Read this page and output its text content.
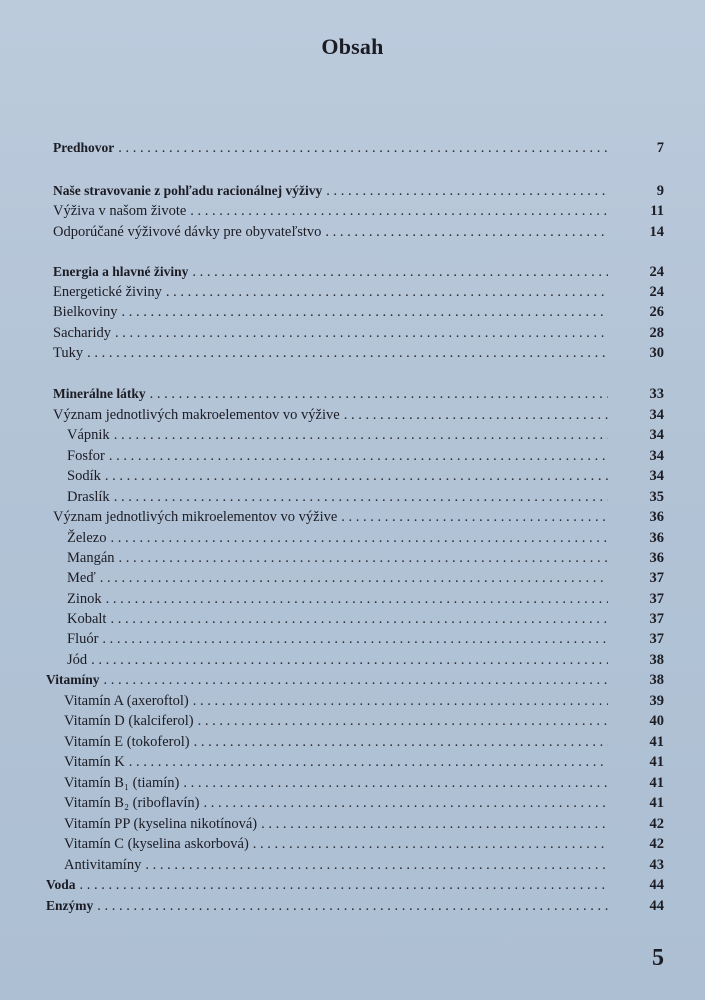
Obsah
Predhovor . . .	7
Naše stravovanie z pohľadu racionálnej výživy . . .	9
Výživa v našom živote . . .	11
Odporúčané výživové dávky pre obyvateľstvo . . .	14
Energia a hlavné živiny . . .	24
Energetické živiny . . .	24
Bielkoviny . . .	26
Sacharidy . . .	28
Tuky . . .	30
Minerálne látky . . .	33
Význam jednotlivých makroelementov vo výžive . . .	34
Vápnik . . .	34
Fosfor . . .	34
Sodík . . .	34
Draslík . . .	35
Význam jednotlivých mikroelementov vo výžive . . .	36
Železo . . .	36
Mangán . . .	36
Meď . . .	37
Zinok . . .	37
Kobalt . . .	37
Fluór . . .	37
Jód . . .	38
Vitamíny . . .	38
Vitamín A (axeroftol) . . .	39
Vitamín D (kalciferol) . . .	40
Vitamín E (tokoferol) . . .	41
Vitamín K . . .	41
Vitamín B₁ (tiamín) . . .	41
Vitamín B₂ (riboflavín) . . .	41
Vitamín PP (kyselina nikotínová) . . .	42
Vitamín C (kyselina askorbová) . . .	42
Antivitamíny . . .	43
Voda . . .	44
Enzýmy . . .	44
5
